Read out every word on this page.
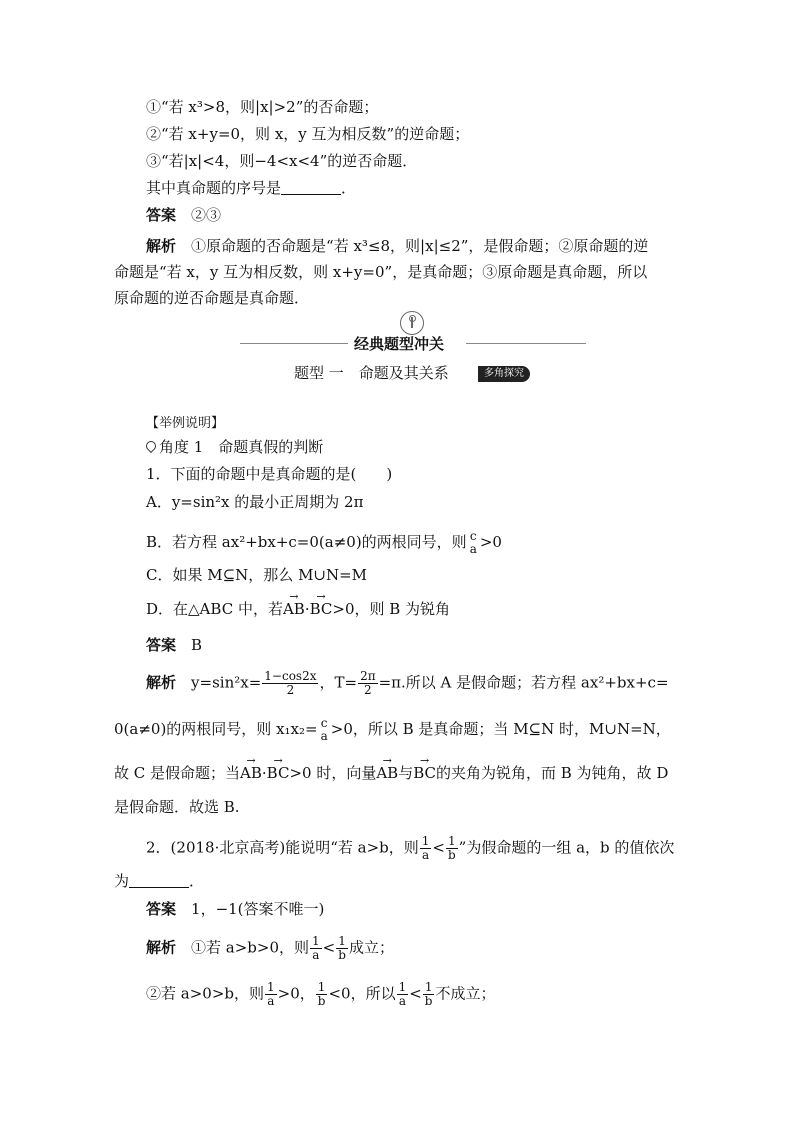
①“若 x³>8，则|x|>2”的否命题；
②“若 x+y=0，则 x，y 互为相反数”的逆命题；
③“若|x|<4，则−4<x<4”的逆否命题．
其中真命题的序号是	．
答案　 ②③
解析　 ①原命题的否命题是“若 x³≤8，则|x|≤2”，是假命题；②原命题的逆
命题是“若 x，y 互为相反数，则 x+y=0”，是真命题；③原命题是真命题，所以
原命题的逆否命题是真命题．
经典题型冲关
题型 一　命题及其关系	多角探究
【举例说明】
角度 1　命题真假的判断
1．下面的命题中是真命题的是(　　)
A．y=sin²x 的最小正周期为 2π
B．若方程 ax²+bx+c=0(a≠0)的两根同号，则 c
a >0
C．如果 M⊆N，那么 M∪N=M
D．在△ABC 中，若→ AB·→ BC>0，则 B 为锐角
答案　 B
解析　 $y=\sin^2x= \frac{1-\cos 2x}{2}$ ，$T= \frac{2\pi}{2} =\pi$.所以 A 是假命题；若方程 ax²+bx+c=
0(a≠0)的两根同号，则 x₁x₂= c
a >0，所以 B 是真命题；当 M⊆N 时，M∪N=N，
故 C 是假命题；当→ AB·→ BC>0 时，向量→ AB与→ BC的夹角为锐角，而 B 为钝角，故 D
是假命题．故选 B.
2．(2018·北京高考)能说明“若 a>b，则 $\frac{1}{a} < \frac{1}{b}$ ”为假命题的一组 a，b 的值依次
为	．
答案　 1，−1(答案不唯一)
解析　 ①若 a>b>0，则 $\frac{1}{a} < \frac{1}{b}$ 成立；
②若 a>0>b，则 $\frac{1}{a} >0$， $\frac{1}{b} <0$，所以 $\frac{1}{a} < \frac{1}{b}$ 不成立；
